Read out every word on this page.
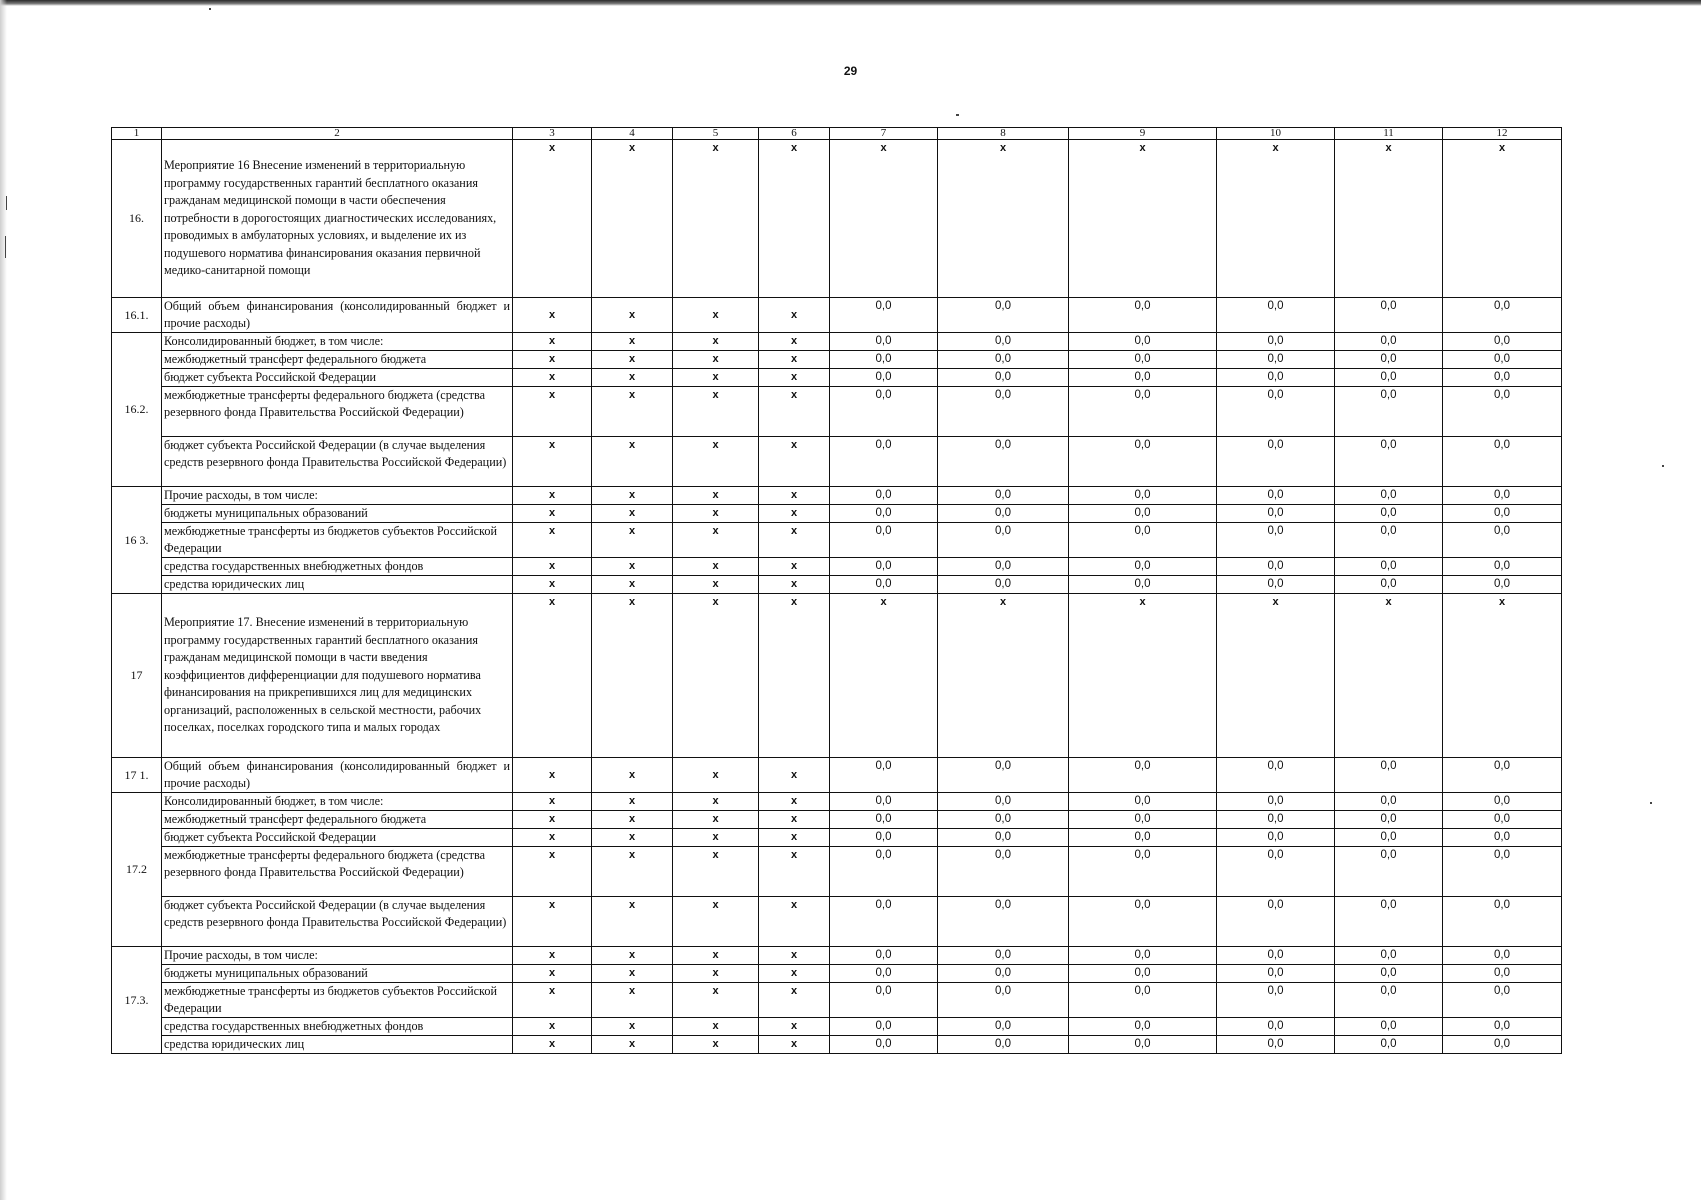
29
1	2	3	4	5	6	7	8	9	10	11	12
16.	Мероприятие 16 Внесение изменений в территориальную программу государственных гарантий бесплатного оказания гражданам медицинской помощи в части обеспечения потребности в дорогостоящих диагностических исследованиях, проводимых в амбулаторных условиях, и выделение их из подушевого норматива финансирования оказания первичной медико-санитарной помощи	x	x	x	x	x	x	x	x	x	x
16.1.	Общий объем финансирования (консолидированный бюджет и прочие расходы)	x	x	x	x	0,0	0,0	0,0	0,0	0,0	0,0
16.2.	Консолидированный бюджет, в том числе:	x	x	x	x	0,0	0,0	0,0	0,0	0,0	0,0
	межбюджетный трансферт федерального бюджета	x	x	x	x	0,0	0,0	0,0	0,0	0,0	0,0
	бюджет субъекта Российской Федерации	x	x	x	x	0,0	0,0	0,0	0,0	0,0	0,0
	межбюджетные трансферты федерального бюджета (средства резервного фонда Правительства Российской Федерации)	x	x	x	x	0,0	0,0	0,0	0,0	0,0	0,0
	бюджет субъекта Российской Федерации (в случае выделения средств резервного фонда Правительства Российской Федерации)	x	x	x	x	0,0	0,0	0,0	0,0	0,0	0,0
16 3.	Прочие расходы, в том числе:	x	x	x	x	0,0	0,0	0,0	0,0	0,0	0,0
	бюджеты муниципальных образований	x	x	x	x	0,0	0,0	0,0	0,0	0,0	0,0
	межбюджетные трансферты из бюджетов субъектов Российской Федерации	x	x	x	x	0,0	0,0	0,0	0,0	0,0	0,0
	средства государственных внебюджетных фондов	x	x	x	x	0,0	0,0	0,0	0,0	0,0	0,0
	средства юридических лиц	x	x	x	x	0,0	0,0	0,0	0,0	0,0	0,0
17	Мероприятие 17. Внесение изменений в территориальную программу государственных гарантий бесплатного оказания гражданам медицинской помощи в части введения коэффициентов дифференциации для подушевого норматива финансирования на прикрепившихся лиц для медицинских организаций, расположенных в сельской местности, рабочих поселках, поселках городского типа и малых городах	x	x	x	x	x	x	x	x	x	x
17 1.	Общий объем финансирования (консолидированный бюджет и прочие расходы)	x	x	x	x	0,0	0,0	0,0	0,0	0,0	0,0
17.2	Консолидированный бюджет, в том числе:	x	x	x	x	0,0	0,0	0,0	0,0	0,0	0,0
	межбюджетный трансферт федерального бюджета	x	x	x	x	0,0	0,0	0,0	0,0	0,0	0,0
	бюджет субъекта Российской Федерации	x	x	x	x	0,0	0,0	0,0	0,0	0,0	0,0
	межбюджетные трансферты федерального бюджета (средства резервного фонда Правительства Российской Федерации)	x	x	x	x	0,0	0,0	0,0	0,0	0,0	0,0
	бюджет субъекта Российской Федерации (в случае выделения средств резервного фонда Правительства Российской Федерации)	x	x	x	x	0,0	0,0	0,0	0,0	0,0	0,0
17.3.	Прочие расходы, в том числе:	x	x	x	x	0,0	0,0	0,0	0,0	0,0	0,0
	бюджеты муниципальных образований	x	x	x	x	0,0	0,0	0,0	0,0	0,0	0,0
	межбюджетные трансферты из бюджетов субъектов Российской Федерации	x	x	x	x	0,0	0,0	0,0	0,0	0,0	0,0
	средства государственных внебюджетных фондов	x	x	x	x	0,0	0,0	0,0	0,0	0,0	0,0
	средства юридических лиц	x	x	x	x	0,0	0,0	0,0	0,0	0,0	0,0
